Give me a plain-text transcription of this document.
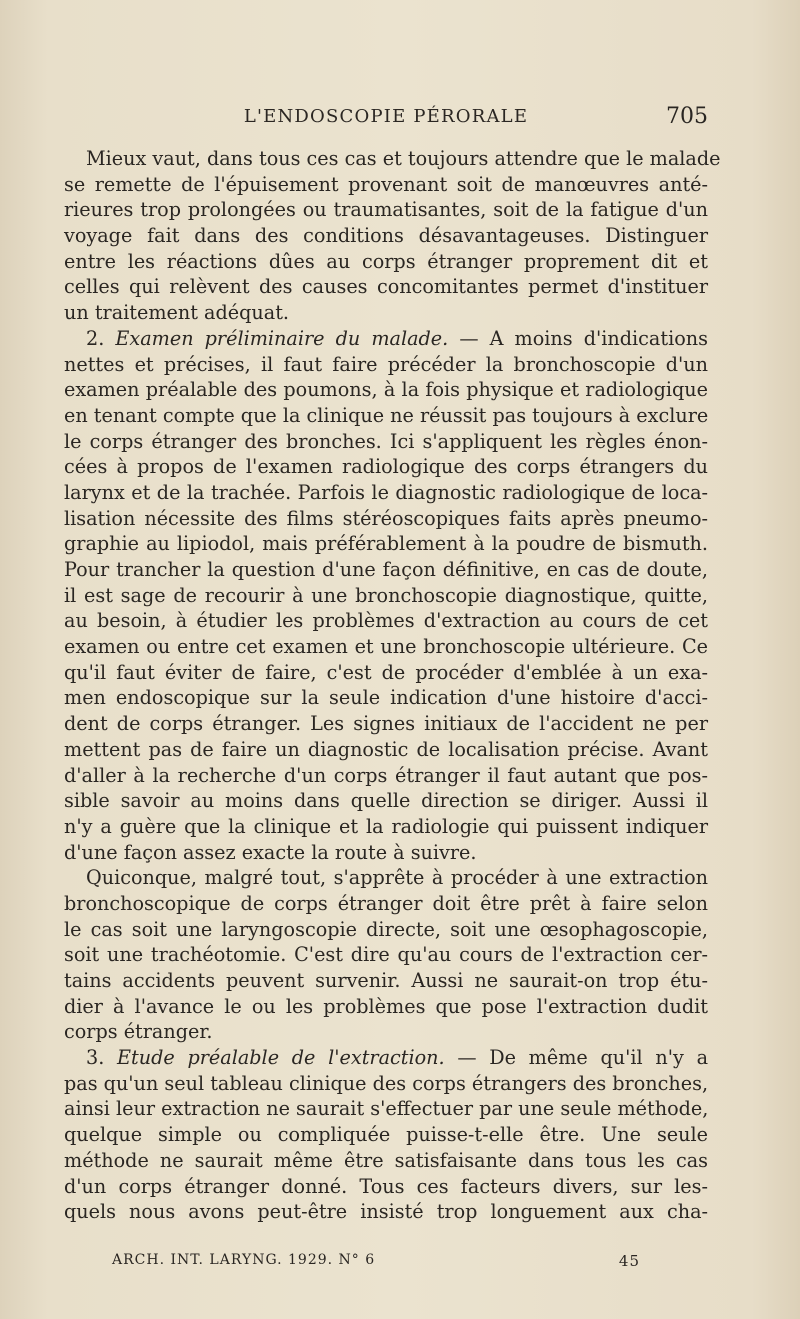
L'ENDOSCOPIE PÉRORALE	705
Mieux vaut, dans tous ces cas et toujours attendre que le malade
se remette de l'épuisement provenant soit de manœuvres anté-
rieures trop prolongées ou traumatisantes, soit de la fatigue d'un
voyage fait dans des conditions désavantageuses. Distinguer
entre les réactions dûes au corps étranger proprement dit et
celles qui relèvent des causes concomitantes permet d'instituer
un traitement adéquat.
2. Examen préliminaire du malade. — A moins d'indications
nettes et précises, il faut faire précéder la bronchoscopie d'un
examen préalable des poumons, à la fois physique et radiologique
en tenant compte que la clinique ne réussit pas toujours à exclure
le corps étranger des bronches. Ici s'appliquent les règles énon-
cées à propos de l'examen radiologique des corps étrangers du
larynx et de la trachée. Parfois le diagnostic radiologique de loca-
lisation nécessite des films stéréoscopiques faits après pneumo-
graphie au lipiodol, mais préférablement à la poudre de bismuth.
Pour trancher la question d'une façon définitive, en cas de doute,
il est sage de recourir à une bronchoscopie diagnostique, quitte,
au besoin, à étudier les problèmes d'extraction au cours de cet
examen ou entre cet examen et une bronchoscopie ultérieure. Ce
qu'il faut éviter de faire, c'est de procéder d'emblée à un exa-
men endoscopique sur la seule indication d'une histoire d'acci-
dent de corps étranger. Les signes initiaux de l'accident ne per
mettent pas de faire un diagnostic de localisation précise. Avant
d'aller à la recherche d'un corps étranger il faut autant que pos-
sible savoir au moins dans quelle direction se diriger. Aussi il
n'y a guère que la clinique et la radiologie qui puissent indiquer
d'une façon assez exacte la route à suivre.
Quiconque, malgré tout, s'apprête à procéder à une extraction
bronchoscopique de corps étranger doit être prêt à faire selon
le cas soit une laryngoscopie directe, soit une œsophagoscopie,
soit une trachéotomie. C'est dire qu'au cours de l'extraction cer-
tains accidents peuvent survenir. Aussi ne saurait-on trop étu-
dier à l'avance le ou les problèmes que pose l'extraction dudit
corps étranger.
3. Etude préalable de l'extraction. — De même qu'il n'y a
pas qu'un seul tableau clinique des corps étrangers des bronches,
ainsi leur extraction ne saurait s'effectuer par une seule méthode,
quelque simple ou compliquée puisse-t-elle être. Une seule
méthode ne saurait même être satisfaisante dans tous les cas
d'un corps étranger donné. Tous ces facteurs divers, sur les-
quels nous avons peut-être insisté trop longuement aux cha-
ARCH. INT. LARYNG. 1929. N° 6	45
